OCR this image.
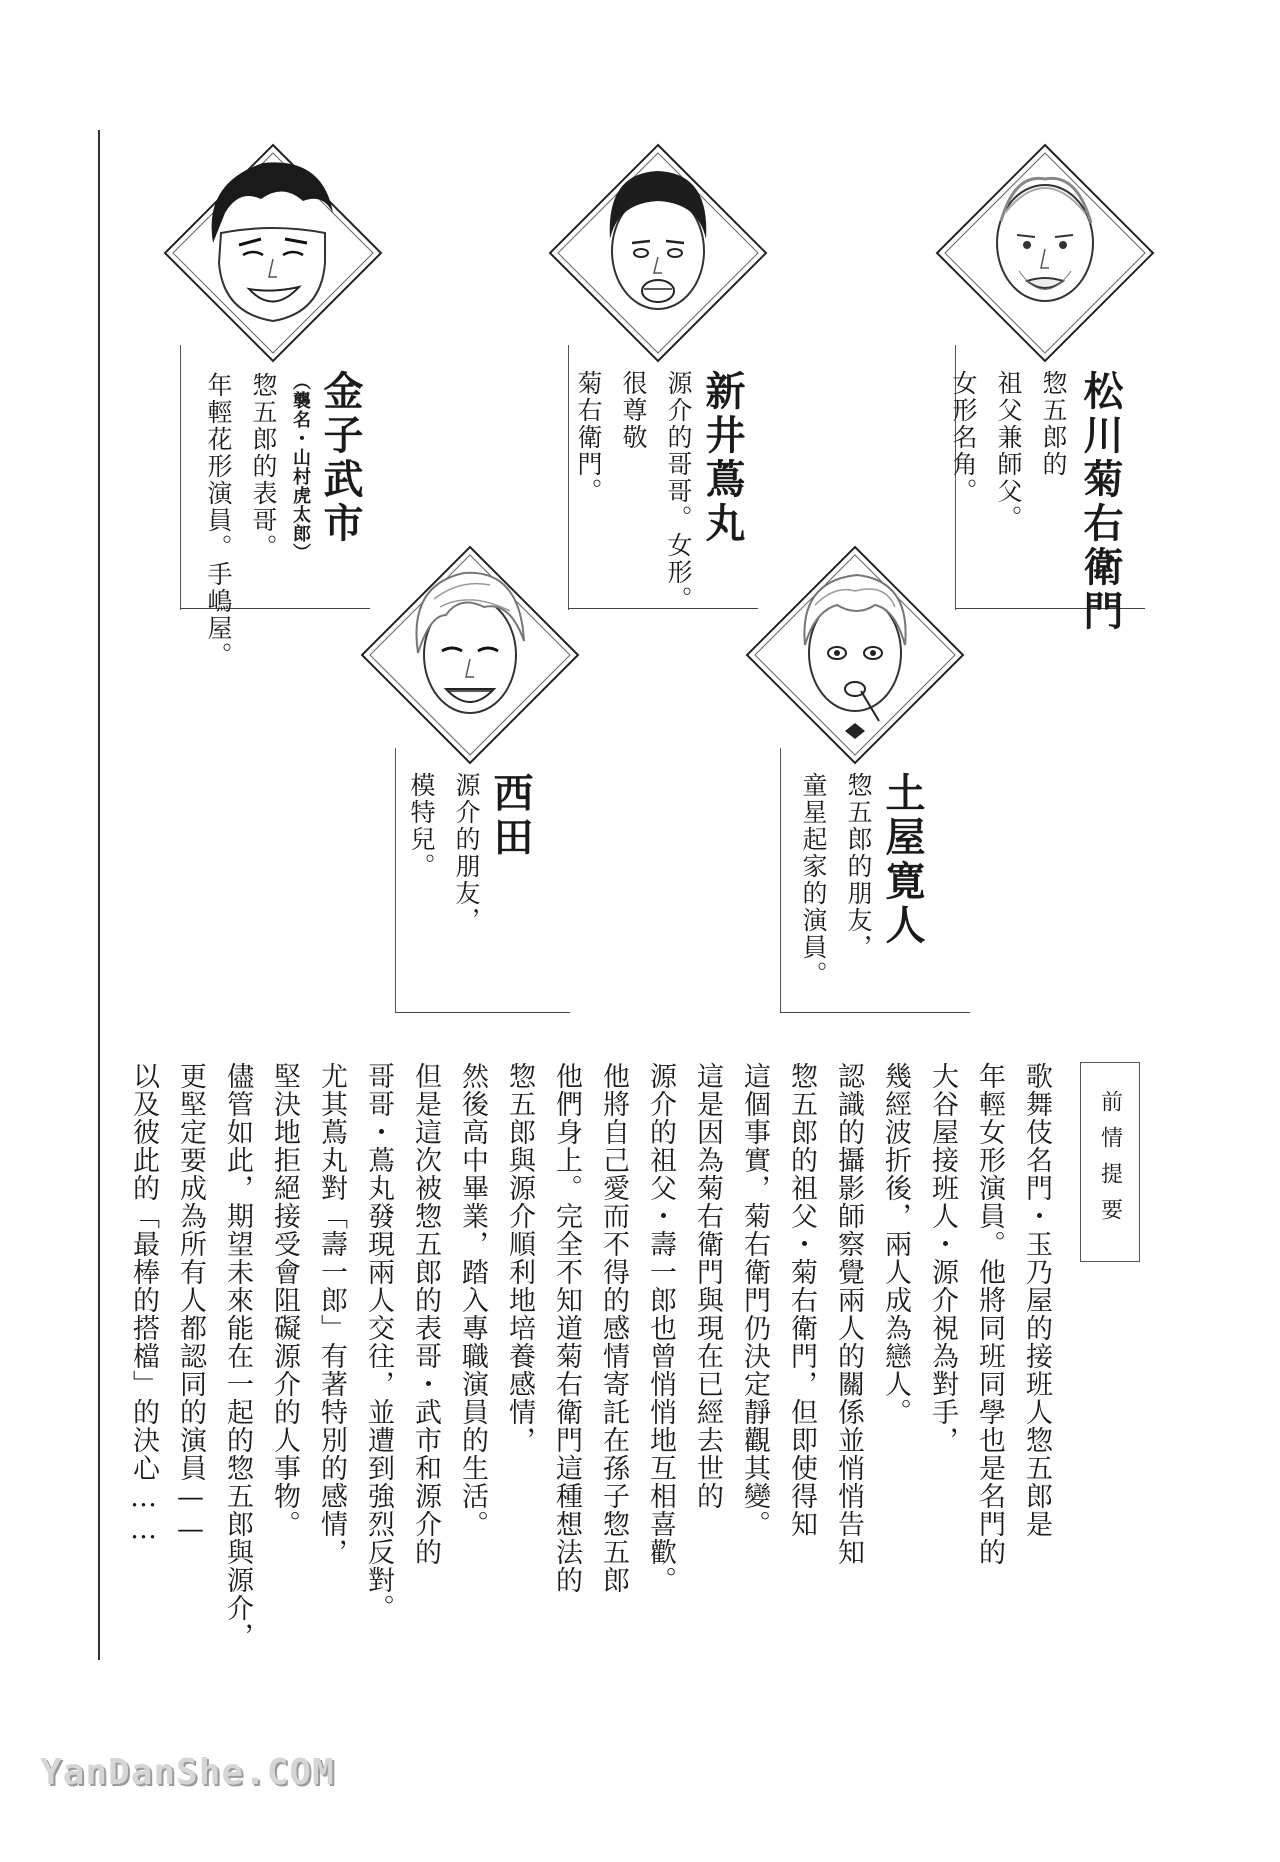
松川菊右衛門
惣五郎的
祖父兼師父。
女形名角。
新井蔦丸
源介的哥哥。女形。
很尊敬
菊右衛門。
金子武市
（襲名・山村虎太郎）
惣五郎的表哥。
年輕花形演員。手嶋屋。
土屋寛人
惣五郎的朋友，
童星起家的演員。
西田
源介的朋友，
模特兒。
前情提要
歌舞伎名門・玉乃屋的接班人惣五郎是
年輕女形演員。他將同班同學也是名門的
大谷屋接班人・源介視為對手，
幾經波折後，兩人成為戀人。
認識的攝影師察覺兩人的關係並悄悄告知
惣五郎的祖父・菊右衛門，但即使得知
這個事實，菊右衛門仍決定靜觀其變。
這是因為菊右衛門與現在已經去世的
源介的祖父・壽一郎也曾悄悄地互相喜歡。
他將自己愛而不得的感情寄託在孫子惣五郎
他們身上。完全不知道菊右衛門這種想法的
惣五郎與源介順利地培養感情，
然後高中畢業，踏入專職演員的生活。
但是這次被惣五郎的表哥・武市和源介的
哥哥・蔦丸發現兩人交往，並遭到強烈反對。
尤其蔦丸對「壽一郎」有著特別的感情，
堅決地拒絕接受會阻礙源介的人事物。
儘管如此，期望未來能在一起的惣五郎與源介，
更堅定要成為所有人都認同的演員——
以及彼此的「最棒的搭檔」的決心……
YanDanShe.COM
